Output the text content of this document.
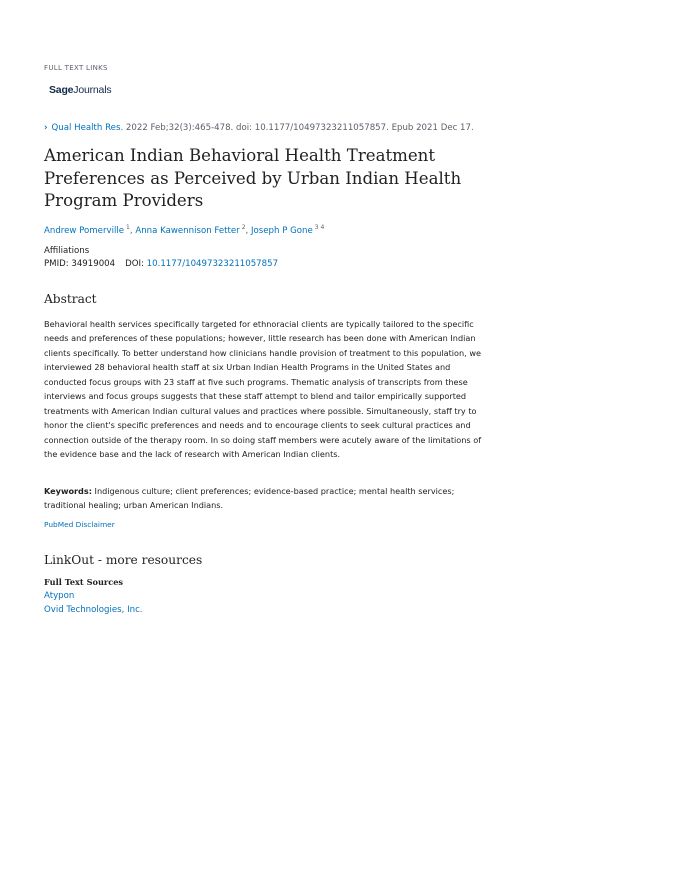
FULL TEXT LINKS
SageJournals
› Qual Health Res. 2022 Feb;32(3):465-478. doi: 10.1177/10497323211057857. Epub 2021 Dec 17.
American Indian Behavioral Health Treatment Preferences as Perceived by Urban Indian Health Program Providers
Andrew Pomerville $^1$, Anna Kawennison Fetter $^2$, Joseph P Gone $^{3 4}$
Affiliations
PMID: 34919004 DOI: 10.1177/10497323211057857
Abstract

Behavioral health services specifically targeted for ethnoracial clients are typically tailored to the specific needs and preferences of these populations; however, little research has been done with American Indian clients specifically. To better understand how clinicians handle provision of treatment to this population, we interviewed 28 behavioral health staff at six Urban Indian Health Programs in the United States and conducted focus groups with 23 staff at five such programs. Thematic analysis of transcripts from these interviews and focus groups suggests that these staff attempt to blend and tailor empirically supported treatments with American Indian cultural values and practices where possible. Simultaneously, staff try to honor the client's specific preferences and needs and to encourage clients to seek cultural practices and connection outside of the therapy room. In so doing staff members were acutely aware of the limitations of the evidence base and the lack of research with American Indian clients.

Keywords: Indigenous culture; client preferences; evidence-based practice; mental health services; traditional healing; urban American Indians.

PubMed Disclaimer
LinkOut - more resources
Full Text Sources
Atypon
Ovid Technologies, Inc.
